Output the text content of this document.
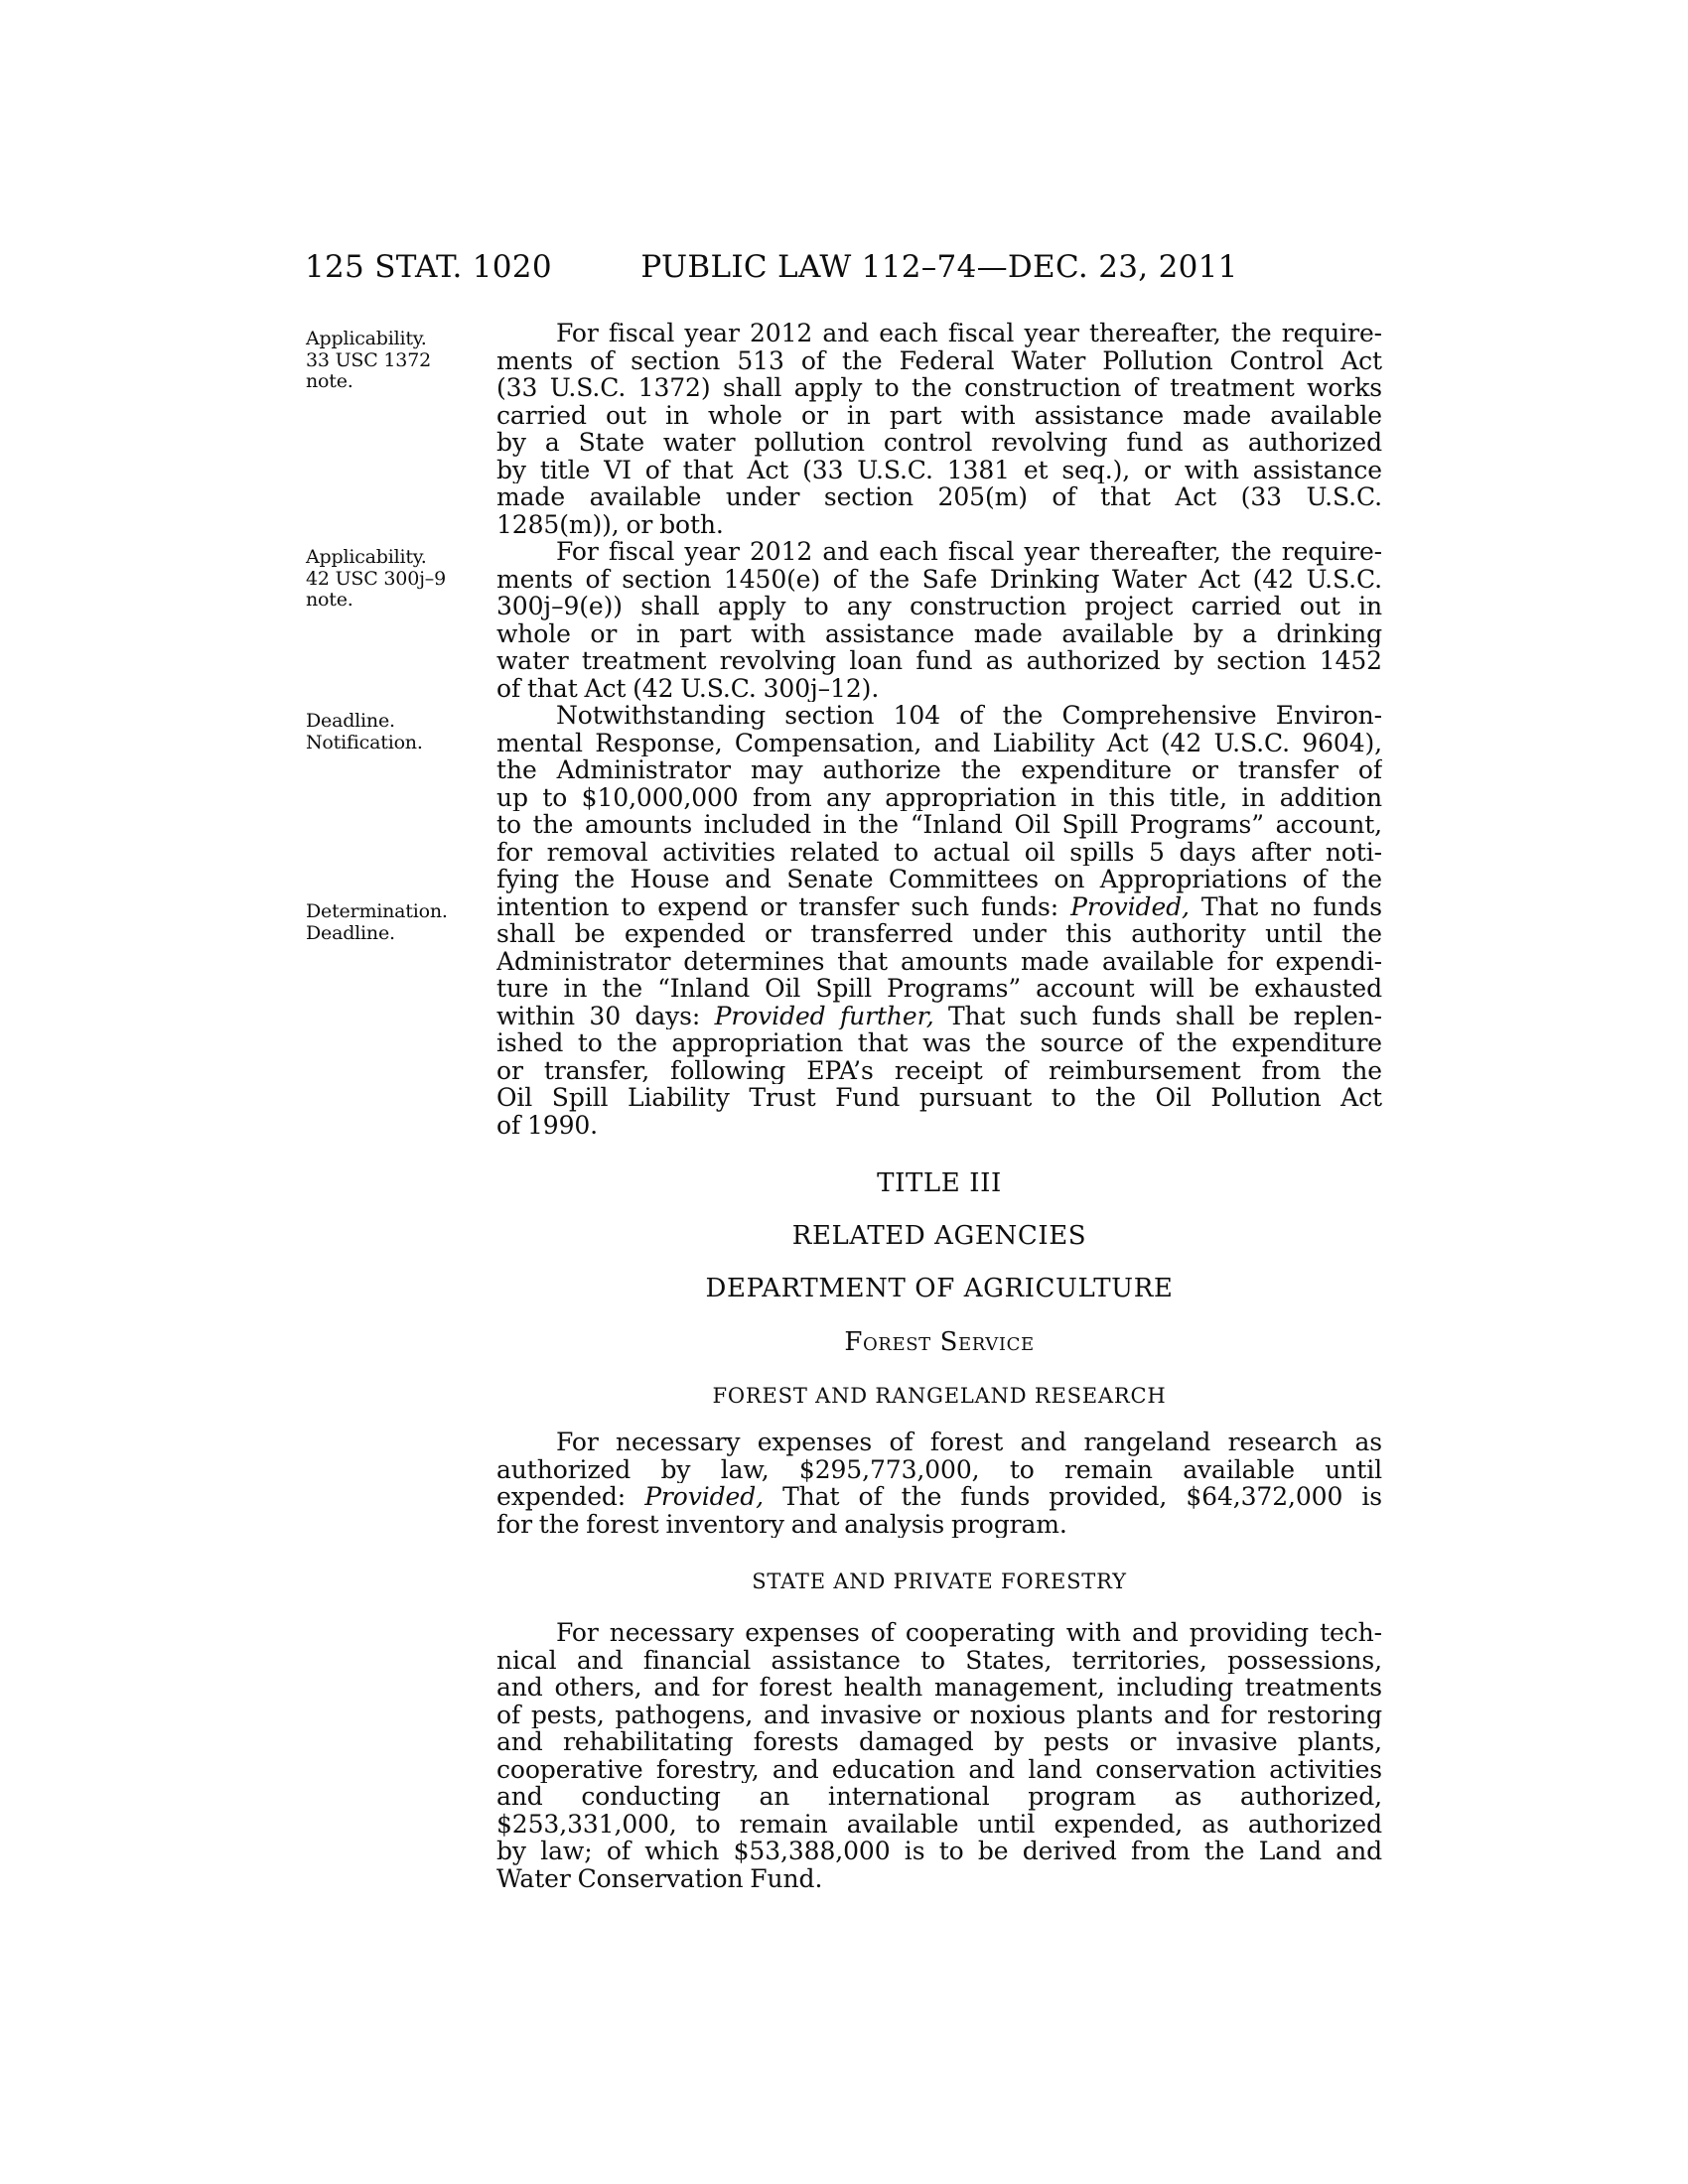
125 STAT. 1020	PUBLIC LAW 112–74—DEC. 23, 2011
Applicability.
33 USC 1372
note.
Applicability.
42 USC 300j–9
note.
Deadline.
Notification.
Determination.
Deadline.
For fiscal year 2012 and each fiscal year thereafter, the require-
ments of section 513 of the Federal Water Pollution Control Act
(33 U.S.C. 1372) shall apply to the construction of treatment works
carried out in whole or in part with assistance made available
by a State water pollution control revolving fund as authorized
by title VI of that Act (33 U.S.C. 1381 et seq.), or with assistance
made available under section 205(m) of that Act (33 U.S.C.
1285(m)), or both.
For fiscal year 2012 and each fiscal year thereafter, the require-
ments of section 1450(e) of the Safe Drinking Water Act (42 U.S.C.
300j–9(e)) shall apply to any construction project carried out in
whole or in part with assistance made available by a drinking
water treatment revolving loan fund as authorized by section 1452
of that Act (42 U.S.C. 300j–12).
Notwithstanding section 104 of the Comprehensive Environ-
mental Response, Compensation, and Liability Act (42 U.S.C. 9604),
the Administrator may authorize the expenditure or transfer of
up to $10,000,000 from any appropriation in this title, in addition
to the amounts included in the “Inland Oil Spill Programs” account,
for removal activities related to actual oil spills 5 days after noti-
fying the House and Senate Committees on Appropriations of the
intention to expend or transfer such funds: Provided, That no funds
shall be expended or transferred under this authority until the
Administrator determines that amounts made available for expendi-
ture in the “Inland Oil Spill Programs” account will be exhausted
within 30 days: Provided further, That such funds shall be replen-
ished to the appropriation that was the source of the expenditure
or transfer, following EPA’s receipt of reimbursement from the
Oil Spill Liability Trust Fund pursuant to the Oil Pollution Act
of 1990.
TITLE III
RELATED AGENCIES
DEPARTMENT OF AGRICULTURE
Forest Service
FOREST AND RANGELAND RESEARCH
For necessary expenses of forest and rangeland research as
authorized by law, $295,773,000, to remain available until
expended: Provided, That of the funds provided, $64,372,000 is
for the forest inventory and analysis program.
STATE AND PRIVATE FORESTRY
For necessary expenses of cooperating with and providing tech-
nical and financial assistance to States, territories, possessions,
and others, and for forest health management, including treatments
of pests, pathogens, and invasive or noxious plants and for restoring
and rehabilitating forests damaged by pests or invasive plants,
cooperative forestry, and education and land conservation activities
and conducting an international program as authorized,
$253,331,000, to remain available until expended, as authorized
by law; of which $53,388,000 is to be derived from the Land and
Water Conservation Fund.
